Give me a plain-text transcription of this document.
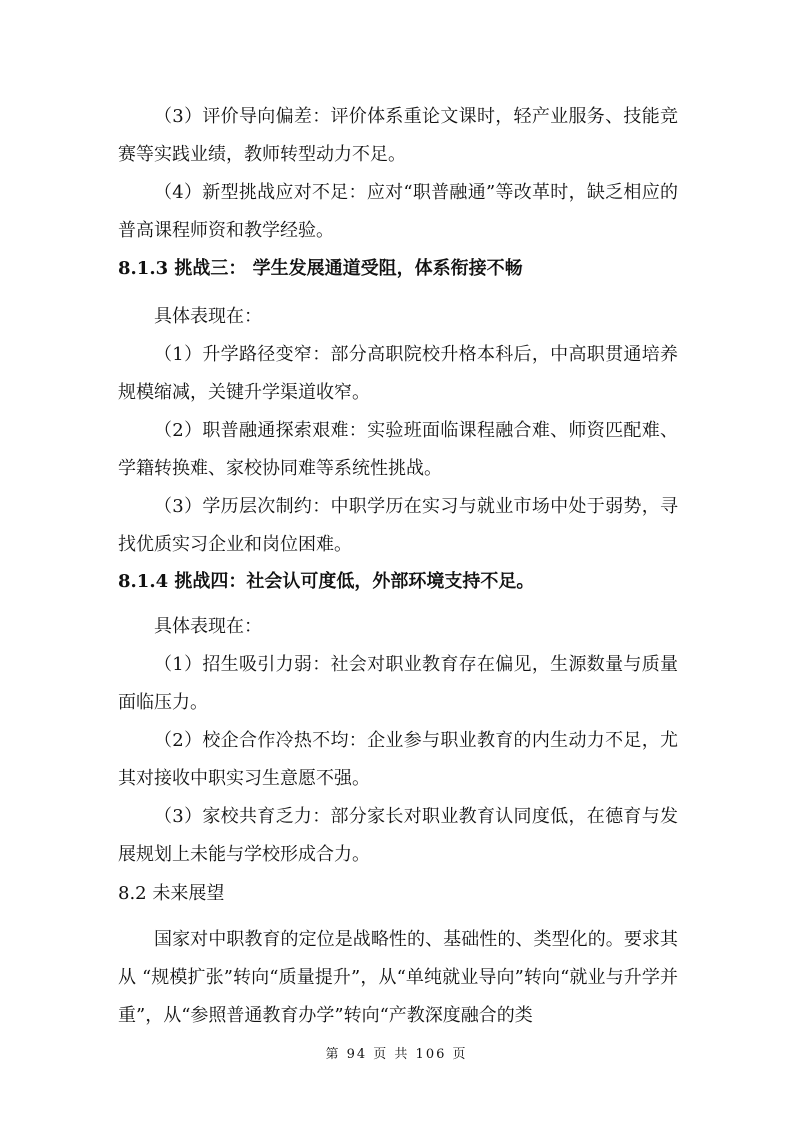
（3）评价导向偏差：评价体系重论文课时，轻产业服务、技能竞赛等实践业绩，教师转型动力不足。

（4）新型挑战应对不足：应对“职普融通”等改革时，缺乏相应的普高课程师资和教学经验。

8.1.3 挑战三： 学生发展通道受阻，体系衔接不畅

具体表现在：

（1）升学路径变窄：部分高职院校升格本科后，中高职贯通培养规模缩减，关键升学渠道收窄。

（2）职普融通探索艰难：实验班面临课程融合难、师资匹配难、学籍转换难、家校协同难等系统性挑战。

（3）学历层次制约：中职学历在实习与就业市场中处于弱势，寻找优质实习企业和岗位困难。

8.1.4 挑战四：社会认可度低，外部环境支持不足。

具体表现在：

（1）招生吸引力弱：社会对职业教育存在偏见，生源数量与质量面临压力。

（2）校企合作冷热不均：企业参与职业教育的内生动力不足，尤其对接收中职实习生意愿不强。

（3）家校共育乏力：部分家长对职业教育认同度低，在德育与发展规划上未能与学校形成合力。

8.2 未来展望

国家对中职教育的定位是战略性的、基础性的、类型化的。要求其从 “规模扩张”转向“质量提升”，从“单纯就业导向”转向“就业与升学并重”，从“参照普通教育办学”转向“产教深度融合的类

第 94 页 共 106 页
